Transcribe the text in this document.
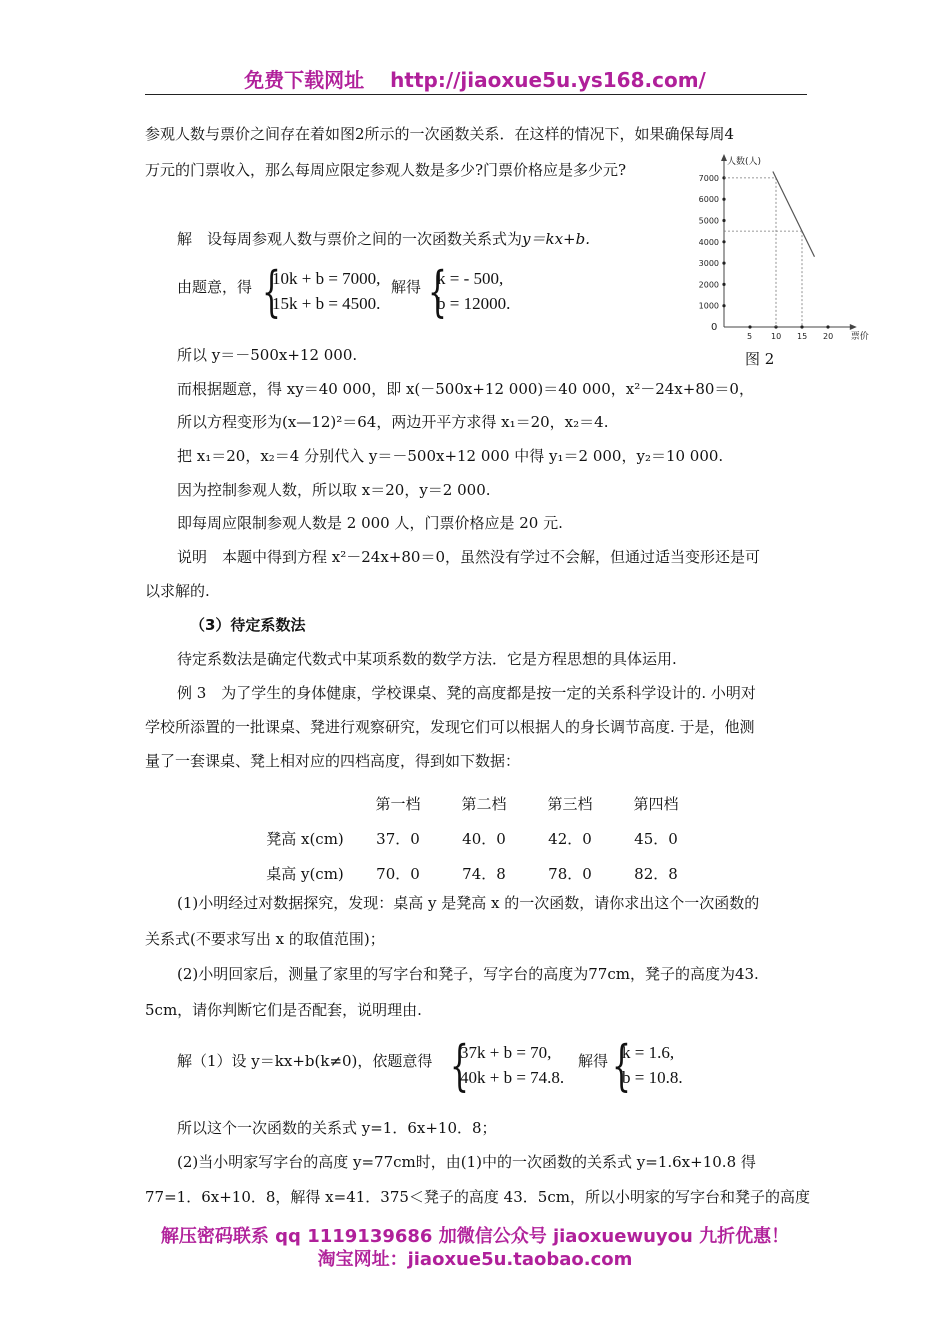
免费下载网址 http://jiaoxue5u.ys168.com/
参观人数与票价之间存在着如图2所示的一次函数关系．在这样的情况下，如果确保每周4
万元的门票收入，那么每周应限定参观人数是多少?门票价格应是多少元?	人数(人)
票价
0
5 10 15 20
1000
2000
3000
4000
5000
6000
7000
图 2
解　设每周参观人数与票价之间的一次函数关系式为y＝kx+b.
由题意，得 {
10k + b = 7000,
15k + b = 4500.
解得 {
k = - 500,
b = 12000.
所以 y＝－500x+12 000.
而根据题意，得 xy＝40 000，即 x(－500x+12 000)＝40 000，x²－24x+80＝0，
所以方程变形为(x—12)²＝64，两边开平方求得 x₁＝20，x₂＝4.
把 x₁＝20，x₂＝4 分别代入 y＝－500x+12 000 中得 y₁＝2 000，y₂＝10 000.
因为控制参观人数，所以取 x＝20，y＝2 000.
即每周应限制参观人数是 2 000 人，门票价格应是 20 元.
说明　本题中得到方程 x²－24x+80＝0，虽然没有学过不会解，但通过适当变形还是可
以求解的.
（3）待定系数法
待定系数法是确定代数式中某项系数的数学方法．它是方程思想的具体运用.
例 3　为了学生的身体健康，学校课桌、凳的高度都是按一定的关系科学设计的. 小明对
学校所添置的一批课桌、凳进行观察研究，发现它们可以根据人的身长调节高度. 于是，他测
量了一套课桌、凳上相对应的四档高度，得到如下数据：
	第一档	第二档	第三档	第四档
凳高 x(cm)	37．0	40．0	42．0	45．0
桌高 y(cm)	70．0	74．8	78．0	82．8
(1)小明经过对数据探究，发现：桌高 y 是凳高 x 的一次函数，请你求出这个一次函数的
关系式(不要求写出 x 的取值范围)；
(2)小明回家后，测量了家里的写字台和凳子，写字台的高度为77cm，凳子的高度为43.
5cm，请你判断它们是否配套，说明理由.
解（1）设 y＝kx+b(k≠0)，依题意得 {
37k + b = 70,
40k + b = 74.8.
解得 {
k = 1.6,
b = 10.8.
所以这个一次函数的关系式 y=1．6x+10．8；
(2)当小明家写字台的高度 y=77cm时，由(1)中的一次函数的关系式 y=1.6x+10.8 得
77=1．6x+10．8，解得 x=41．375＜凳子的高度 43．5cm，所以小明家的写字台和凳子的高度
解压密码联系 qq 1119139686 加微信公众号 jiaoxuewuyou 九折优惠！
淘宝网址：jiaoxue5u.taobao.com
